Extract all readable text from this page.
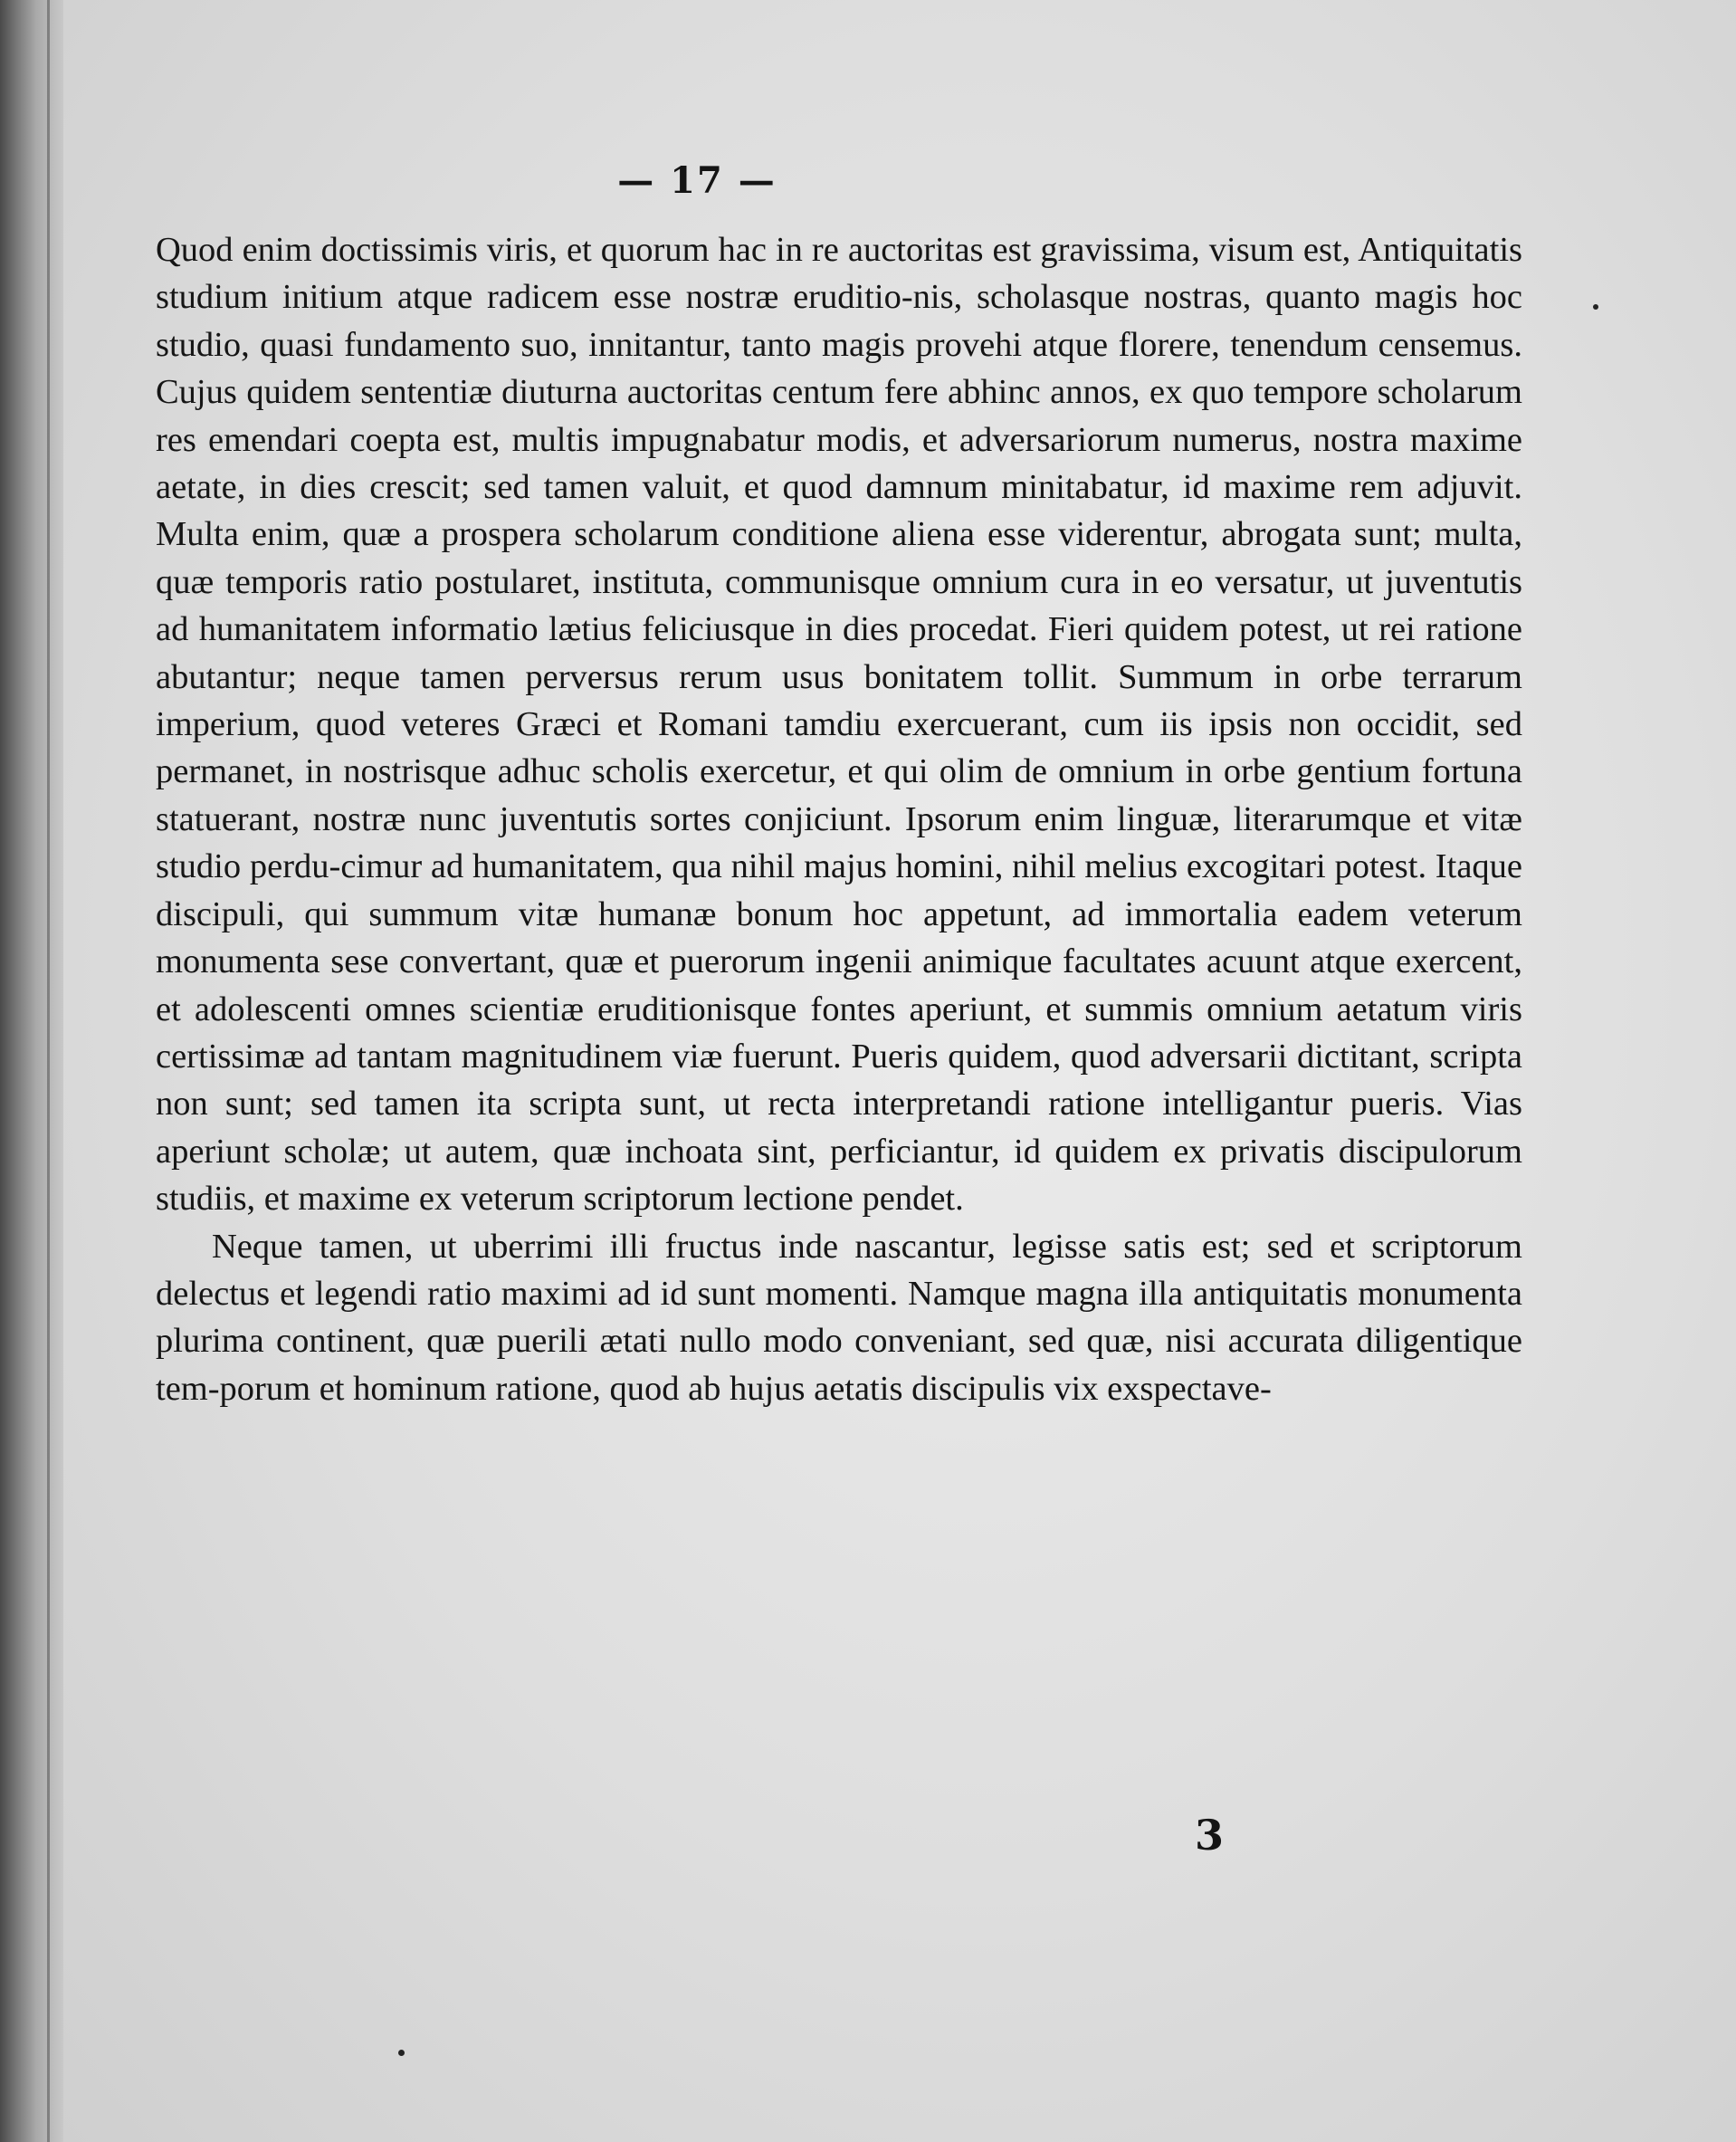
— 17 —

Quod enim doctissimis viris, et quorum hac in re auctoritas est gravissima, visum est, Antiquitatis studium initium atque radicem esse nostræ eruditio-nis, scholasque nostras, quanto magis hoc studio, quasi fundamento suo, innitantur, tanto magis provehi atque florere, tenendum censemus. Cujus quidem sententiæ diuturna auctoritas centum fere abhinc annos, ex quo tempore scholarum res emendari coepta est, multis impugnabatur modis, et adversariorum numerus, nostra maxime aetate, in dies crescit; sed tamen valuit, et quod damnum minitabatur, id maxime rem adjuvit. Multa enim, quæ a prospera scholarum conditione aliena esse viderentur, abrogata sunt; multa, quæ temporis ratio postularet, instituta, communisque omnium cura in eo versatur, ut juventutis ad humanitatem informatio lætius feliciusque in dies procedat. Fieri quidem potest, ut rei ratione abutantur; neque tamen perversus rerum usus bonitatem tollit. Summum in orbe terrarum imperium, quod veteres Græci et Romani tamdiu exercuerant, cum iis ipsis non occidit, sed permanet, in nostrisque adhuc scholis exercetur, et qui olim de omnium in orbe gentium fortuna statuerant, nostræ nunc juventutis sortes conjiciunt. Ipsorum enim linguæ, literarumque et vitæ studio perdu-cimur ad humanitatem, qua nihil majus homini, nihil melius excogitari potest. Itaque discipuli, qui summum vitæ humanæ bonum hoc appetunt, ad immortalia eadem veterum monumenta sese convertant, quæ et puerorum ingenii animique facultates acuunt atque exercent, et adolescenti omnes scientiæ eruditionisque fontes aperiunt, et summis omnium aetatum viris certissimæ ad tantam magnitudinem viæ fuerunt. Pueris quidem, quod adversarii dictitant, scripta non sunt; sed tamen ita scripta sunt, ut recta interpretandi ratione intelligantur pueris. Vias aperiunt scholæ; ut autem, quæ inchoata sint, perficiantur, id quidem ex privatis discipulorum studiis, et maxime ex veterum scriptorum lectione pendet.

Neque tamen, ut uberrimi illi fructus inde nascantur, legisse satis est; sed et scriptorum delectus et legendi ratio maximi ad id sunt momenti. Namque magna illa antiquitatis monumenta plurima continent, quæ puerili ætati nullo modo conveniant, sed quæ, nisi accurata diligentique tem-porum et hominum ratione, quod ab hujus aetatis discipulis vix exspectave-

3
